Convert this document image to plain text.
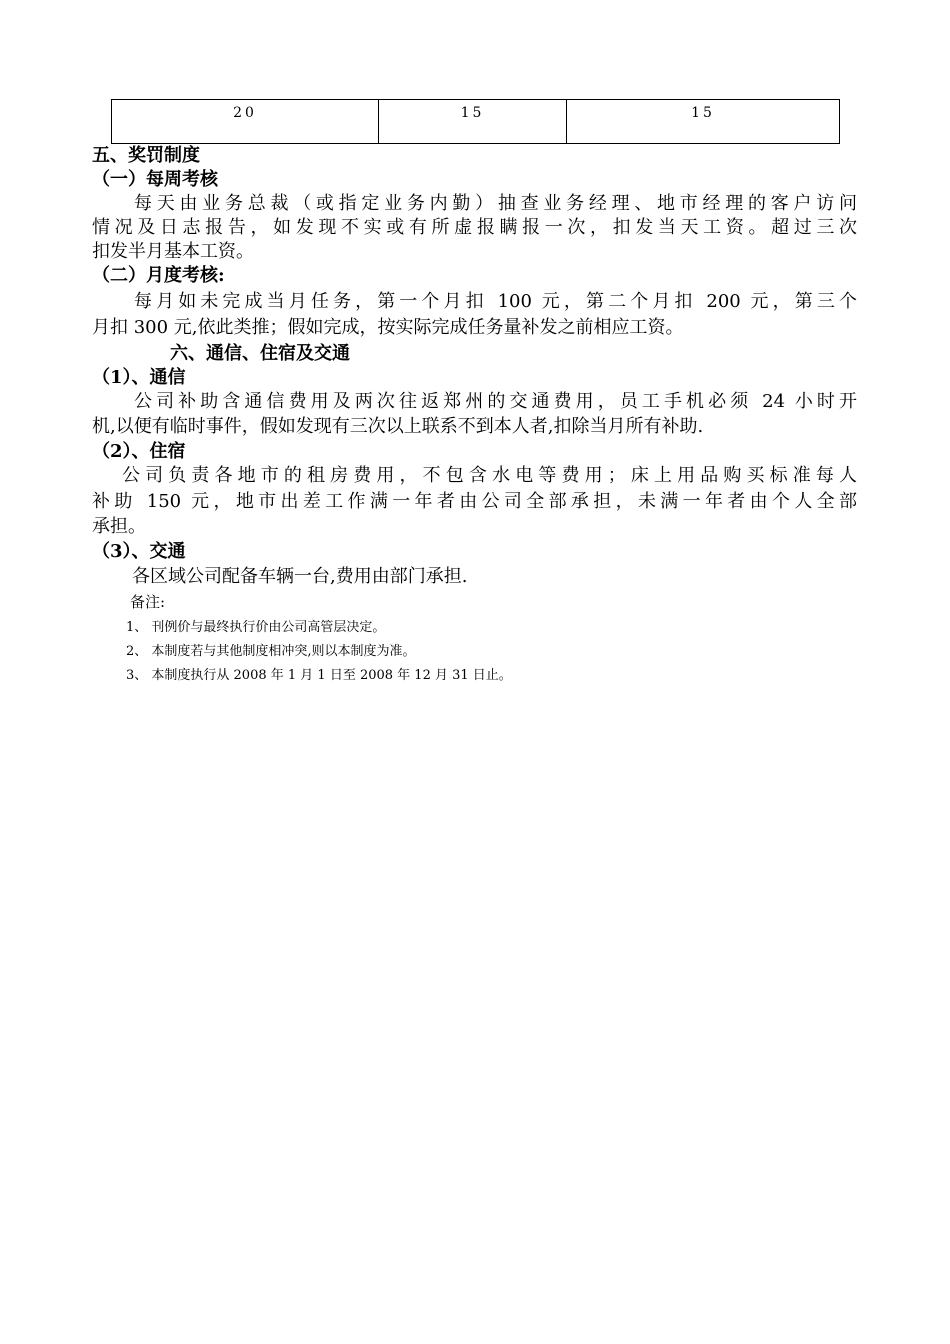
20	15	15
五、奖罚制度
（一）每周考核
每天由业务总裁（或指定业务内勤）抽查业务经理、地市经理的客户访问
情况及日志报告，如发现不实或有所虚报瞒报一次，扣发当天工资。超过三次
扣发半月基本工资。
（二）月度考核:
每月如未完成当月任务，第一个月扣 100 元，第二个月扣 200 元，第三个
月扣 300 元,依此类推；假如完成，按实际完成任务量补发之前相应工资。
六、通信、住宿及交通
（1）、通信
公司补助含通信费用及两次往返郑州的交通费用，员工手机必须 24 小时开
机,以便有临时事件，假如发现有三次以上联系不到本人者,扣除当月所有补助.
（2）、住宿
公司负责各地市的租房费用，不包含水电等费用；床上用品购买标准每人
补助 150 元，地市出差工作满一年者由公司全部承担，未满一年者由个人全部
承担。
（3）、交通
各区域公司配备车辆一台,费用由部门承担.
备注:
1、 刊例价与最终执行价由公司高管层决定。
2、 本制度若与其他制度相冲突,则以本制度为准。
3、 本制度执行从 2008 年 1 月 1 日至 2008 年 12 月 31 日止。
